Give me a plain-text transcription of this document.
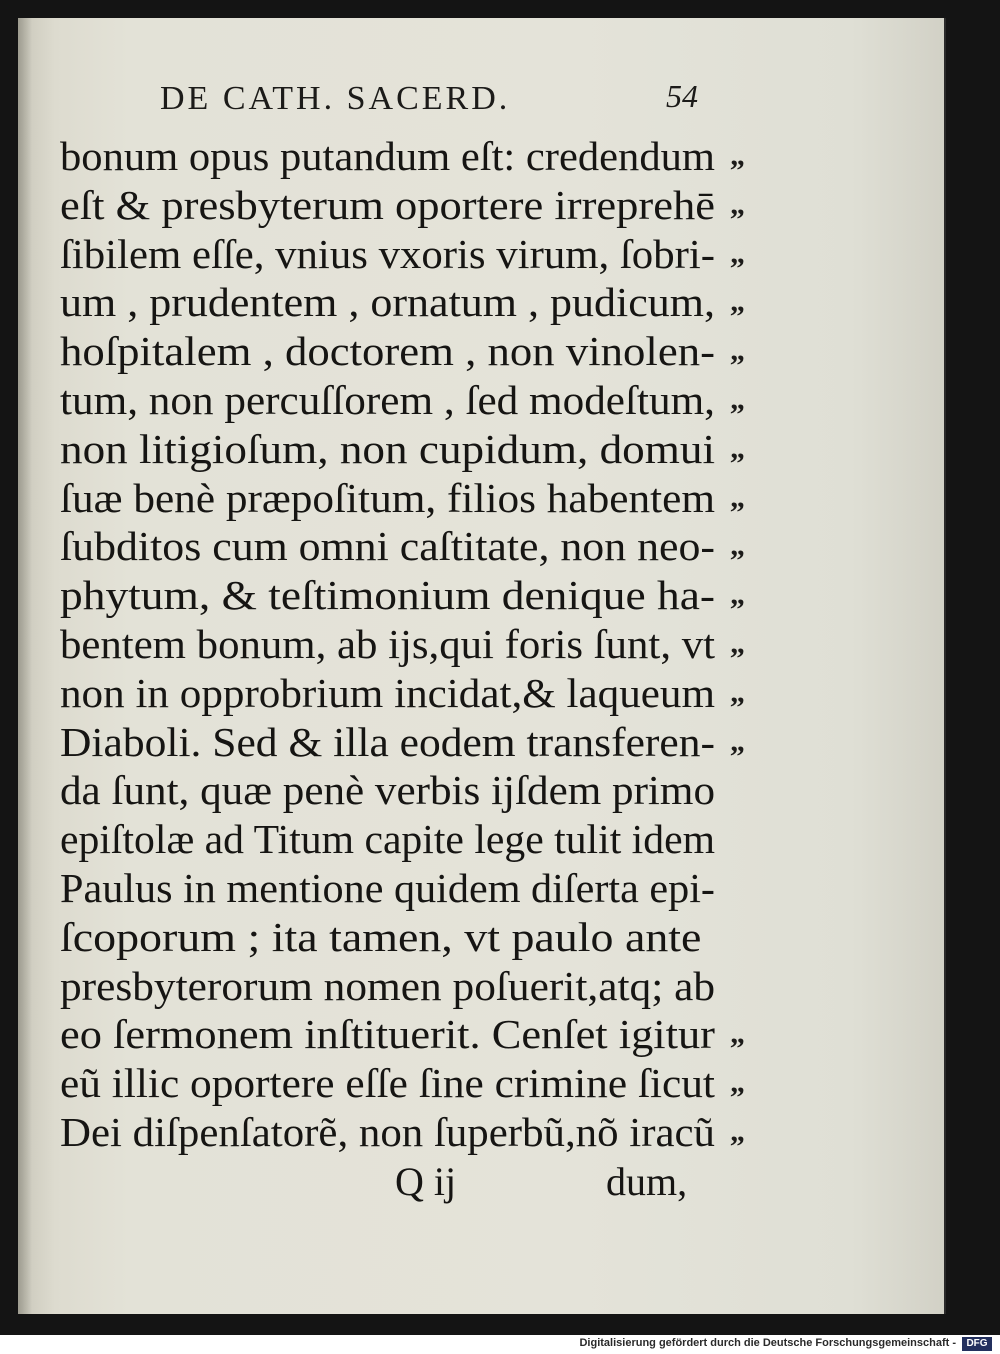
DE CATH. SACERD.	54
bonum opus putandum eſt: credendum „
eſt & presbyterum oportere irreprehē „
ſibilem eſſe, vnius vxoris virum, ſobri- „
um , prudentem , ornatum , pudicum, „
hoſpitalem , doctorem , non vinolen- „
tum, non percuſſorem , ſed modeſtum, „
non litigioſum, non cupidum, domui „
ſuæ benè præpoſitum, filios habentem „
ſubditos cum omni caſtitate, non neo- „
phytum, & teſtimonium denique ha- „
bentem bonum, ab ijs,qui foris ſunt, vt „
non in opprobrium incidat,& laqueum „
Diaboli. Sed & illa eodem transferen- „
da ſunt, quæ penè verbis ijſdem primo
epiſtolæ ad Titum capite lege tulit idem
Paulus in mentione quidem diſerta epi-
ſcoporum ; ita tamen, vt paulo ante
presbyterorum nomen poſuerit,atq; ab
eo ſermonem inſtituerit. Cenſet igitur „
eũ illic oportere eſſe ſine crimine ſicut „
Dei diſpenſatorẽ, non ſuperbũ,nõ iracũ „
Q ij	dum,
Digitalisierung gefördert durch die Deutsche Forschungsgemeinschaft -	DFG
